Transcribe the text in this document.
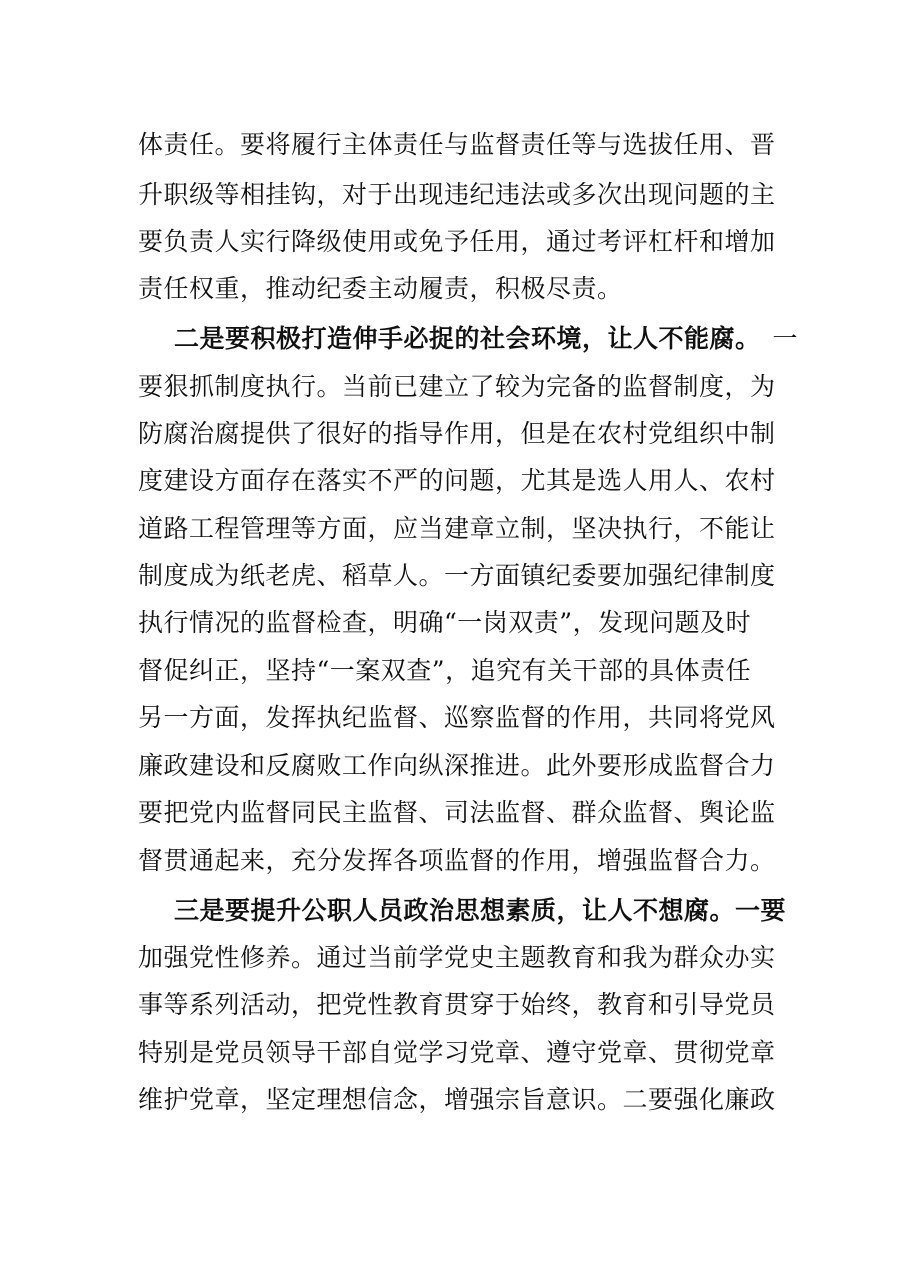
体责任。要将履行主体责任与监督责任等与选拔任用、晋
升职级等相挂钩，对于出现违纪违法或多次出现问题的主
要负责人实行降级使用或免予任用，通过考评杠杆和增加
责任权重，推动纪委主动履责，积极尽责。
二是要积极打造伸手必捉的社会环境，让人不能腐。 一
要狠抓制度执行。当前已建立了较为完备的监督制度，为
防腐治腐提供了很好的指导作用，但是在农村党组织中制
度建设方面存在落实不严的问题，尤其是选人用人、农村
道路工程管理等方面，应当建章立制，坚决执行，不能让
制度成为纸老虎、稻草人。一方面镇纪委要加强纪律制度
执行情况的监督检查，明确“一岗双责”，发现问题及时
督促纠正，坚持“一案双查”，追究有关干部的具体责任
另一方面，发挥执纪监督、巡察监督的作用，共同将党风
廉政建设和反腐败工作向纵深推进。此外要形成监督合力
要把党内监督同民主监督、司法监督、群众监督、舆论监
督贯通起来，充分发挥各项监督的作用，增强监督合力。
三是要提升公职人员政治思想素质，让人不想腐。一要
加强党性修养。通过当前学党史主题教育和我为群众办实
事等系列活动，把党性教育贯穿于始终，教育和引导党员
特别是党员领导干部自觉学习党章、遵守党章、贯彻党章
维护党章，坚定理想信念，增强宗旨意识。二要强化廉政
